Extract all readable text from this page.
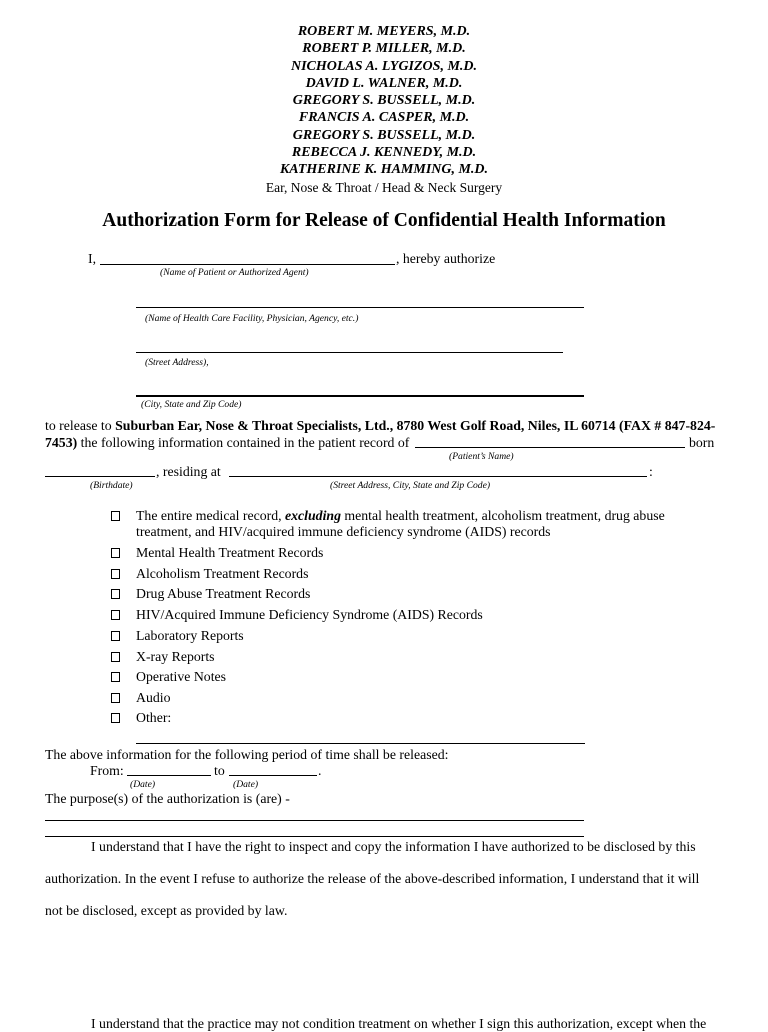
ROBERT M. MEYERS, M.D.
ROBERT P. MILLER, M.D.
NICHOLAS A. LYGIZOS, M.D.
DAVID L. WALNER, M.D.
GREGORY S. BUSSELL, M.D.
FRANCIS A. CASPER, M.D.
GREGORY S. BUSSELL, M.D.
REBECCA J. KENNEDY, M.D.
KATHERINE K. HAMMING, M.D.
Ear, Nose & Throat / Head & Neck Surgery
Authorization Form for Release of Confidential Health Information
I,	, hereby authorize
(Name of Patient or Authorized Agent)
(Name of Health Care Facility, Physician, Agency, etc.)
(Street Address),
(City, State and Zip Code)
to release to Suburban Ear, Nose & Throat Specialists, Ltd., 8780 West Golf Road, Niles, IL 60714 (FAX # 847-824-
7453) the following information contained in the patient record of	born
(Patient’s Name)
, residing at	:
(Birthdate)	(Street Address, City, State and Zip Code)
The entire medical record, excluding mental health treatment, alcoholism treatment, drug abuse
treatment, and HIV/acquired immune deficiency syndrome (AIDS) records
Mental Health Treatment Records
Alcoholism Treatment Records
Drug Abuse Treatment Records
HIV/Acquired Immune Deficiency Syndrome (AIDS) Records
Laboratory Reports
X-ray Reports
Operative Notes
Audio
Other:
The above information for the following period of time shall be released:
From:	to	.
(Date)	(Date)
The purpose(s) of the authorization is (are) -
I understand that I have the right to inspect and copy the information I have authorized to be disclosed by this
authorization. In the event I refuse to authorize the release of the above-described information, I understand that it will
not be disclosed, except as provided by law.
I understand that the practice may not condition treatment on whether I sign this authorization, except when the
